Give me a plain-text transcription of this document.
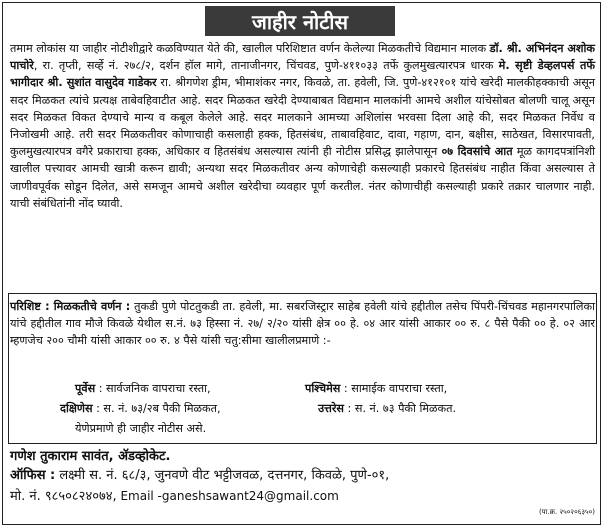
जाहीर नोटीस
तमाम लोकांस या जाहीर नोटीशीद्वारे कळविण्यात येते की, खालील परिशिष्टात वर्णन केलेल्या मिळकतीचे विद्यमान मालक डॉ. श्री. अभिनंदन अशोक पाचोरे, रा. तृप्ती, सर्व्हे नं. २७८/२, दर्शन हॉल मागे, तानाजीनगर, चिंचवड, पुणे-४११०३३ तर्फे कुलमुखत्यारपत्र धारक मे. सृष्टी डेव्हलपर्स तर्फे भागीदार श्री. सुशांत वासुदेव गाडेकर रा. श्रीगणेश ड्रीम, भीमाशंकर नगर, किवळे, ता. हवेली, जि. पुणे-४१२१०१ यांचे खरेदी मालकीहक्काची असून सदर मिळकत त्यांचे प्रत्यक्ष ताबेवहिवाटीत आहे. सदर मिळकत खरेदी देण्याबाबत विद्यमान मालकांनी आमचे अशील यांचेसोबत बोलणी चालू असून सदर मिळकत विकत देण्याचे मान्य व कबूल केलेले आहे. सदर मालकाने आमच्या अशिलांस भरवसा दिला आहे की, सदर मिळकत निर्वेध व निजोखमी आहे. तरी सदर मिळकतीवर कोणाचाही कसलाही हक्क, हितसंबंध, ताबावहिवाट, दावा, गहाण, दान, बक्षीस, साठेखत, विसारपावती, कुलमुखत्यारपत्र वगैरे प्रकाराचा हक्क, अधिकार व हितसंबंध असल्यास त्यांनी ही नोटीस प्रसिद्ध झालेपासून ०७ दिवसांचे आत मूळ कागदपत्रांनिशी खालील पत्त्यावर आमची खात्री करून द्यावी; अन्यथा सदर मिळकतीवर अन्य कोणाचेही कसल्याही प्रकारचे हितसंबंध नाहीत किंवा असल्यास ते जाणीवपूर्वक सोडून दिलेत, असे समजून आमचे अशील खरेदीचा व्यवहार पूर्ण करतील. नंतर कोणाचीही कसल्याही प्रकारे तक्रार चालणार नाही. याची संबंधितांनी नोंद घ्यावी.
परिशिष्ट : मिळकतीचे वर्णन : तुकडी पुणे पोटतुकडी ता. हवेली, मा. सबरजिस्ट्रार साहेब हवेली यांचे हद्दीतील तसेच पिंपरी-चिंचवड महानगरपालिका यांचे हद्दीतील गाव मौजे किवळे येथील स.नं. ७३ हिस्सा नं. २७/ २/२० यांसी क्षेत्र ०० हे. ०४ आर यांसी आकार ०० रु. ८ पैसे पैकी ०० हे. ०२ आर म्हणजेच २०० चौमी यांसी आकार ०० रु. ४ पैसे यांसी चतु:सीमा खालीलप्रमाणे :-
पूर्वेस : सार्वजनिक वापराचा रस्ता,	पश्चिमेस : सामाईक वापराचा रस्ता,
दक्षिणेस : स. नं. ७३/२ब पैकी मिळकत,	उत्तरेस : स. नं. ७३ पैकी मिळकत.
येणेप्रमाणे ही जाहीर नोटीस असे.
गणेश तुकाराम सावंत, ॲडव्होकेट.
ऑफिस : लक्ष्मी स. नं. ६८/३, जुनवणे वीट भट्टीजवळ, दत्तनगर, किवळे, पुणे-०१,
मो. नं. ९८५०८२४०७४, Email -ganeshsawant24@gmail.com
(पा.क्र. २५०२०६३५०)
